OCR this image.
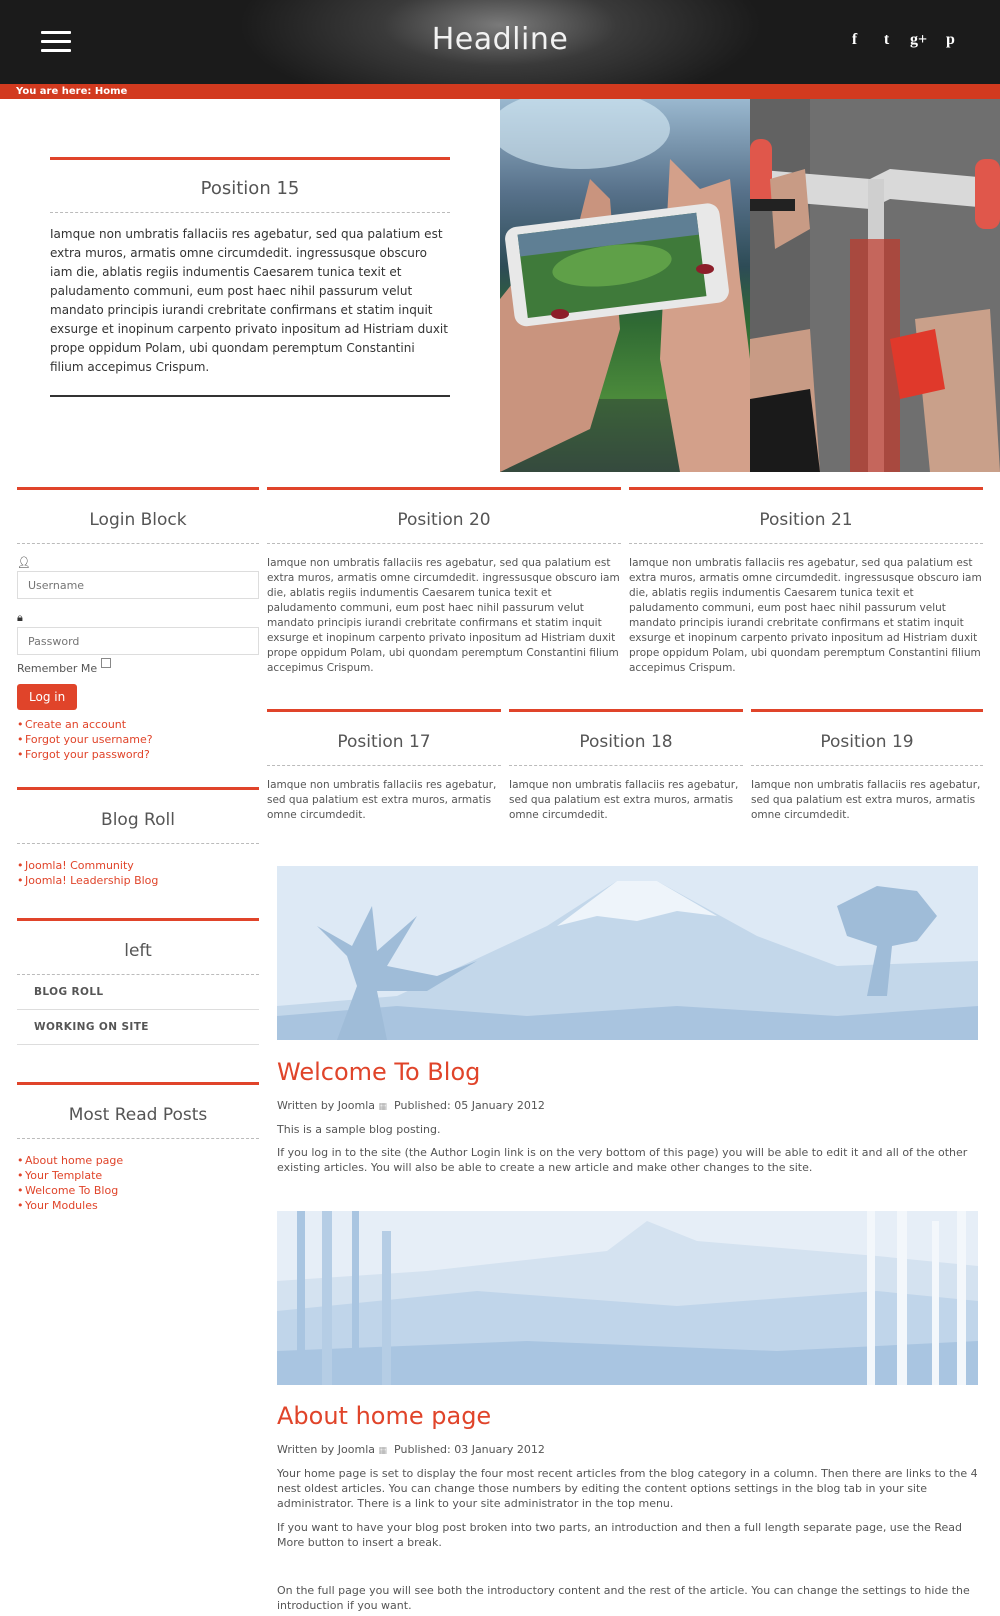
Headline	f	t	g+	p
You are here: Home
Position 15
Iamque non umbratis fallaciis res agebatur, sed qua palatium est extra muros, armatis omne circumdedit. ingressusque obscuro iam die, ablatis regiis indumentis Caesarem tunica texit et paludamento communi, eum post haec nihil passurum velut mandato principis iurandi crebritate confirmans et statim inquit exsurge et inopinum carpento privato inpositum ad Histriam duxit prope oppidum Polam, ubi quondam peremptum Constantini filium accepimus Crispum.
Login Block
👤︎
Username
🔒︎
Remember Me
Log in
• Create an account
• Forgot your username?
• Forgot your password?
Blog Roll
• Joomla! Community
• Joomla! Leadership Blog
left
BLOG ROLL
WORKING ON SITE
Most Read Posts
• About home page
• Your Template
• Welcome To Blog
• Your Modules
Position 20
Iamque non umbratis fallaciis res agebatur, sed qua palatium est extra muros, armatis omne circumdedit. ingressusque obscuro iam die, ablatis regiis indumentis Caesarem tunica texit et paludamento communi, eum post haec nihil passurum velut mandato principis iurandi crebritate confirmans et statim inquit exsurge et inopinum carpento privato inpositum ad Histriam duxit prope oppidum Polam, ubi quondam peremptum Constantini filium accepimus Crispum.
Position 21
Iamque non umbratis fallaciis res agebatur, sed qua palatium est extra muros, armatis omne circumdedit. ingressusque obscuro iam die, ablatis regiis indumentis Caesarem tunica texit et paludamento communi, eum post haec nihil passurum velut mandato principis iurandi crebritate confirmans et statim inquit exsurge et inopinum carpento privato inpositum ad Histriam duxit prope oppidum Polam, ubi quondam peremptum Constantini filium accepimus Crispum.
Position 17
Iamque non umbratis fallaciis res agebatur, sed qua palatium est extra muros, armatis omne circumdedit.
Position 18
Iamque non umbratis fallaciis res agebatur, sed qua palatium est extra muros, armatis omne circumdedit.
Position 19
Iamque non umbratis fallaciis res agebatur, sed qua palatium est extra muros, armatis omne circumdedit.
Welcome To Blog
Written by Joomla ▦ Published: 05 January 2012
This is a sample blog posting.
If you log in to the site (the Author Login link is on the very bottom of this page) you will be able to edit it and all of the other existing articles. You will also be able to create a new article and make other changes to the site.
About home page
Written by Joomla ▦ Published: 03 January 2012
Your home page is set to display the four most recent articles from the blog category in a column. Then there are links to the 4 nest oldest articles. You can change those numbers by editing the content options settings in the blog tab in your site administrator. There is a link to your site administrator in the top menu.
If you want to have your blog post broken into two parts, an introduction and then a full length separate page, use the Read More button to insert a break.
On the full page you will see both the introductory content and the rest of the article. You can change the settings to hide the introduction if you want.
